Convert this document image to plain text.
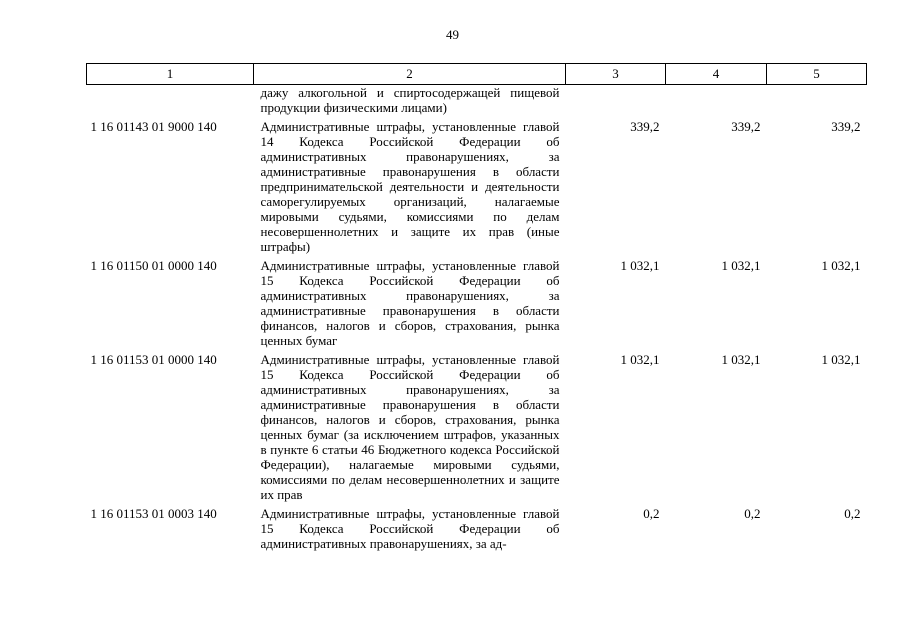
49
1	2	3	4	5
	дажу алкогольной и спиртосодержащей пищевой продукции физическими лицами)			
1 16 01143 01 9000 140	Административные штрафы, установленные главой 14 Кодекса Российской Федерации об административных правонарушениях, за административные правонарушения в области предпринимательской деятельности и деятельности саморегулируемых организаций, налагаемые мировыми судьями, комиссиями по делам несовершеннолетних и защите их прав (иные штрафы)	339,2	339,2	339,2
1 16 01150 01 0000 140	Административные штрафы, установленные главой 15 Кодекса Российской Федерации об административных правонарушениях, за административные правонарушения в области финансов, налогов и сборов, страхования, рынка ценных бумаг	1 032,1	1 032,1	1 032,1
1 16 01153 01 0000 140	Административные штрафы, установленные главой 15 Кодекса Российской Федерации об административных правонарушениях, за административные правонарушения в области финансов, налогов и сборов, страхования, рынка ценных бумаг (за исключением штрафов, указанных в пункте 6 статьи 46 Бюджетного кодекса Российской Федерации), налагаемые мировыми судьями, комиссиями по делам несовершеннолетних и защите их прав	1 032,1	1 032,1	1 032,1
1 16 01153 01 0003 140	Административные штрафы, установленные главой 15 Кодекса Российской Федерации об административных правонарушениях, за ад-	0,2	0,2	0,2
